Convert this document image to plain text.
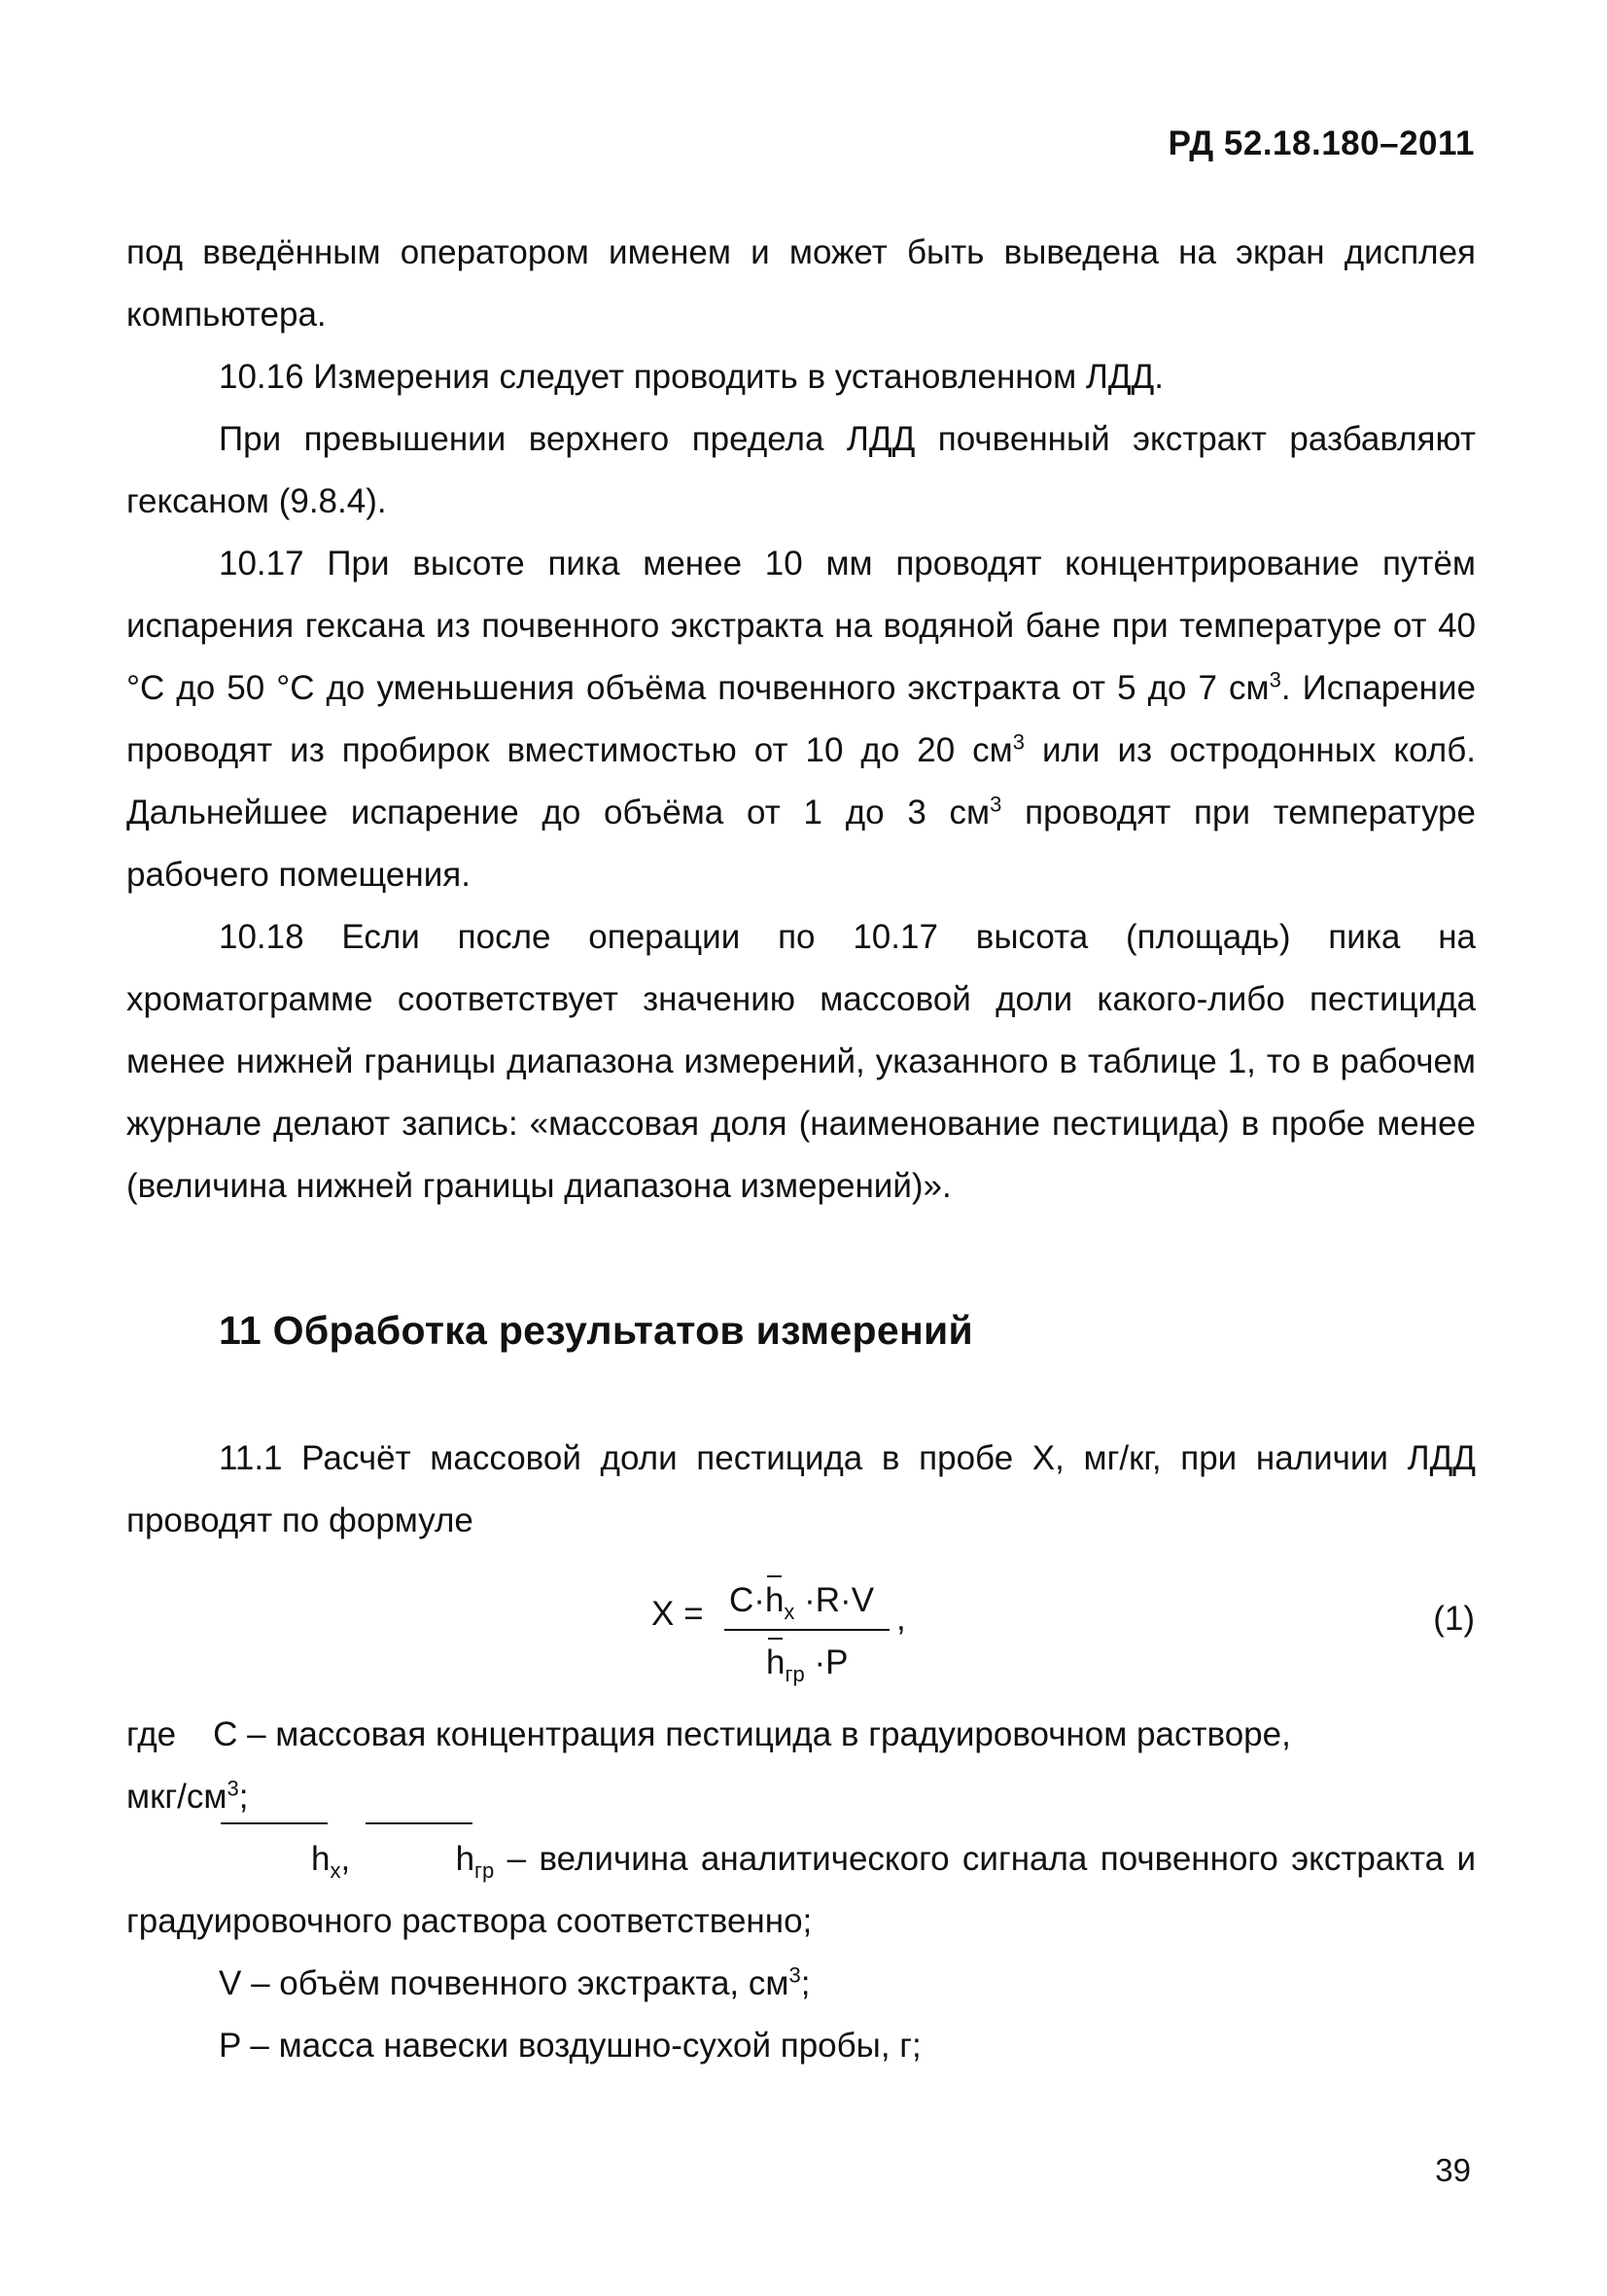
РД 52.18.180–2011

под введённым оператором именем и может быть выведена на экран дисплея компьютера.

10.16 Измерения следует проводить в установленном ЛДД.

При превышении верхнего предела ЛДД почвенный экстракт разбавляют гексаном (9.8.4).

10.17 При высоте пика менее 10 мм проводят концентрирование путём испарения гексана из почвенного экстракта на водяной бане при температуре от 40 °С до 50 °С до уменьшения объёма почвенного экстракта от 5 до 7 $см^3$. Испарение проводят из пробирок вместимостью от 10 до 20 $см^3$ или из остродонных колб. Дальнейшее испарение до объёма от 1 до 3 $см^3$ проводят при температуре рабочего помещения.

10.18 Если после операции по 10.17 высота (площадь) пика на хроматограмме соответствует значению массовой доли какого-либо пестицида менее нижней границы диапазона измерений, указанного в таблице 1, то в рабочем журнале делают запись: «массовая доля (наименование пестицида) в пробе менее (величина нижней границы диапазона измерений)».

11 Обработка результатов измерений

11.1 Расчёт массовой доли пестицида в пробе Х, мг/кг, при наличии ЛДД проводят по формуле

$X = C\cdot h_x \cdot R\cdot V$
$h_{гр} \cdot P$
,	(1)
где C – массовая концентрация пестицида в градуировочном растворе,
мкг/$см^3$;
$h_x$,	$h_{гр}$ – величина аналитического сигнала почвенного экстракта и градуировочного раствора соответственно;
V – объём почвенного экстракта, $см^3$;
P – масса навески воздушно-сухой пробы, г;
39
